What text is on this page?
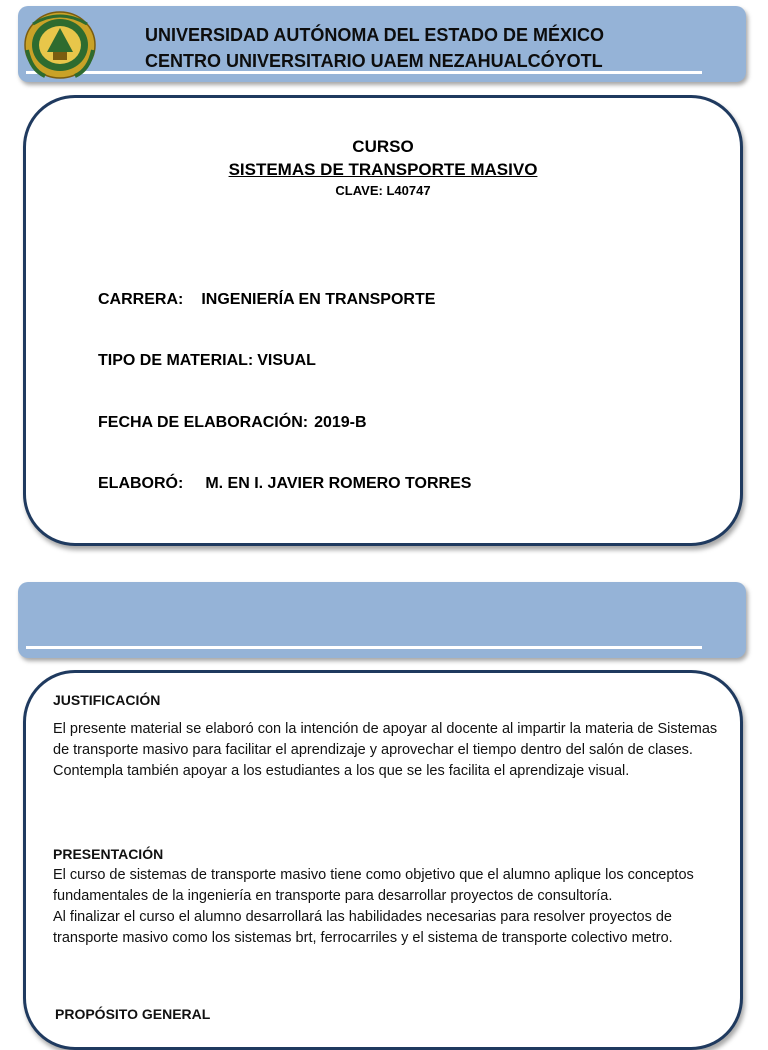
UNIVERSIDAD AUTÓNOMA DEL ESTADO DE MÉXICO
CENTRO UNIVERSITARIO UAEM NEZAHUALCÓYOTL
CURSO
SISTEMAS DE TRANSPORTE MASIVO
CLAVE: L40747
CARRERA: INGENIERÍA EN TRANSPORTE
TIPO DE MATERIAL: VISUAL
FECHA DE ELABORACIÓN: 2019-B
ELABORÓ: M. EN I. JAVIER ROMERO TORRES
JUSTIFICACIÓN

El presente material se elaboró con la intención de apoyar al docente al impartir la materia de Sistemas de transporte masivo para facilitar el aprendizaje y aprovechar el tiempo dentro del salón de clases. Contempla también apoyar a los estudiantes a los que se les facilita el aprendizaje visual.

PRESENTACIÓN

El curso de sistemas de transporte masivo tiene como objetivo que el alumno aplique los conceptos fundamentales de la ingeniería en transporte para desarrollar proyectos de consultoría.

Al finalizar el curso el alumno desarrollará las habilidades necesarias para resolver proyectos de transporte masivo como los sistemas brt, ferrocarriles y el sistema de transporte colectivo metro.

PROPÓSITO GENERAL
